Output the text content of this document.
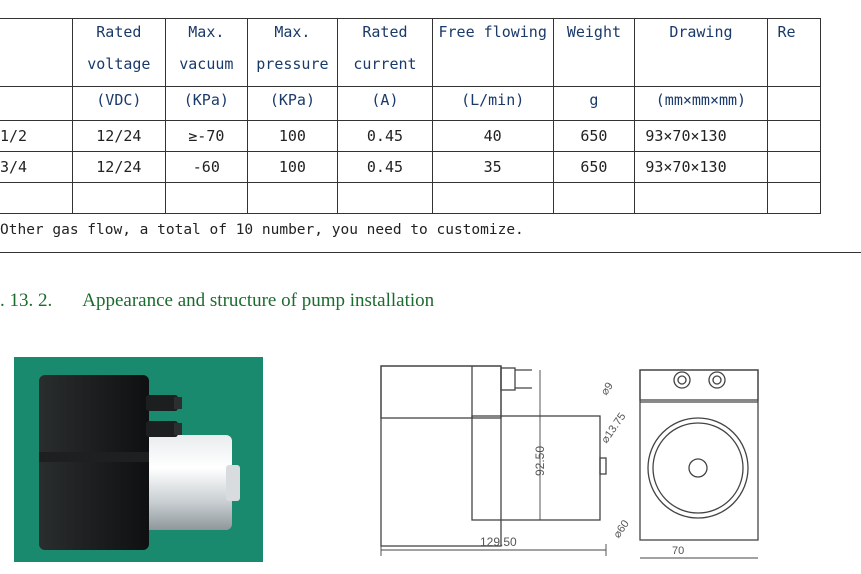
	Rated	Max.	Max.	Rated	Free flowing	Weight	Drawing	Re
	voltage	vacuum	pressure	current				
	(VDC)	(KPa)	(KPa)	(A)	(L/min)	g	(mm×mm×mm)	
1/2	12/24	≥-70	100	0.45	40	650	93×70×130	
3/4	12/24	-60	100	0.45	35	650	93×70×130	

Other gas flow, a total of 10 number, you need to customize.
. 13. 2. Appearance and structure of pump installation
92.50
129.50
⌀9
⌀13.75
⌀60
70
